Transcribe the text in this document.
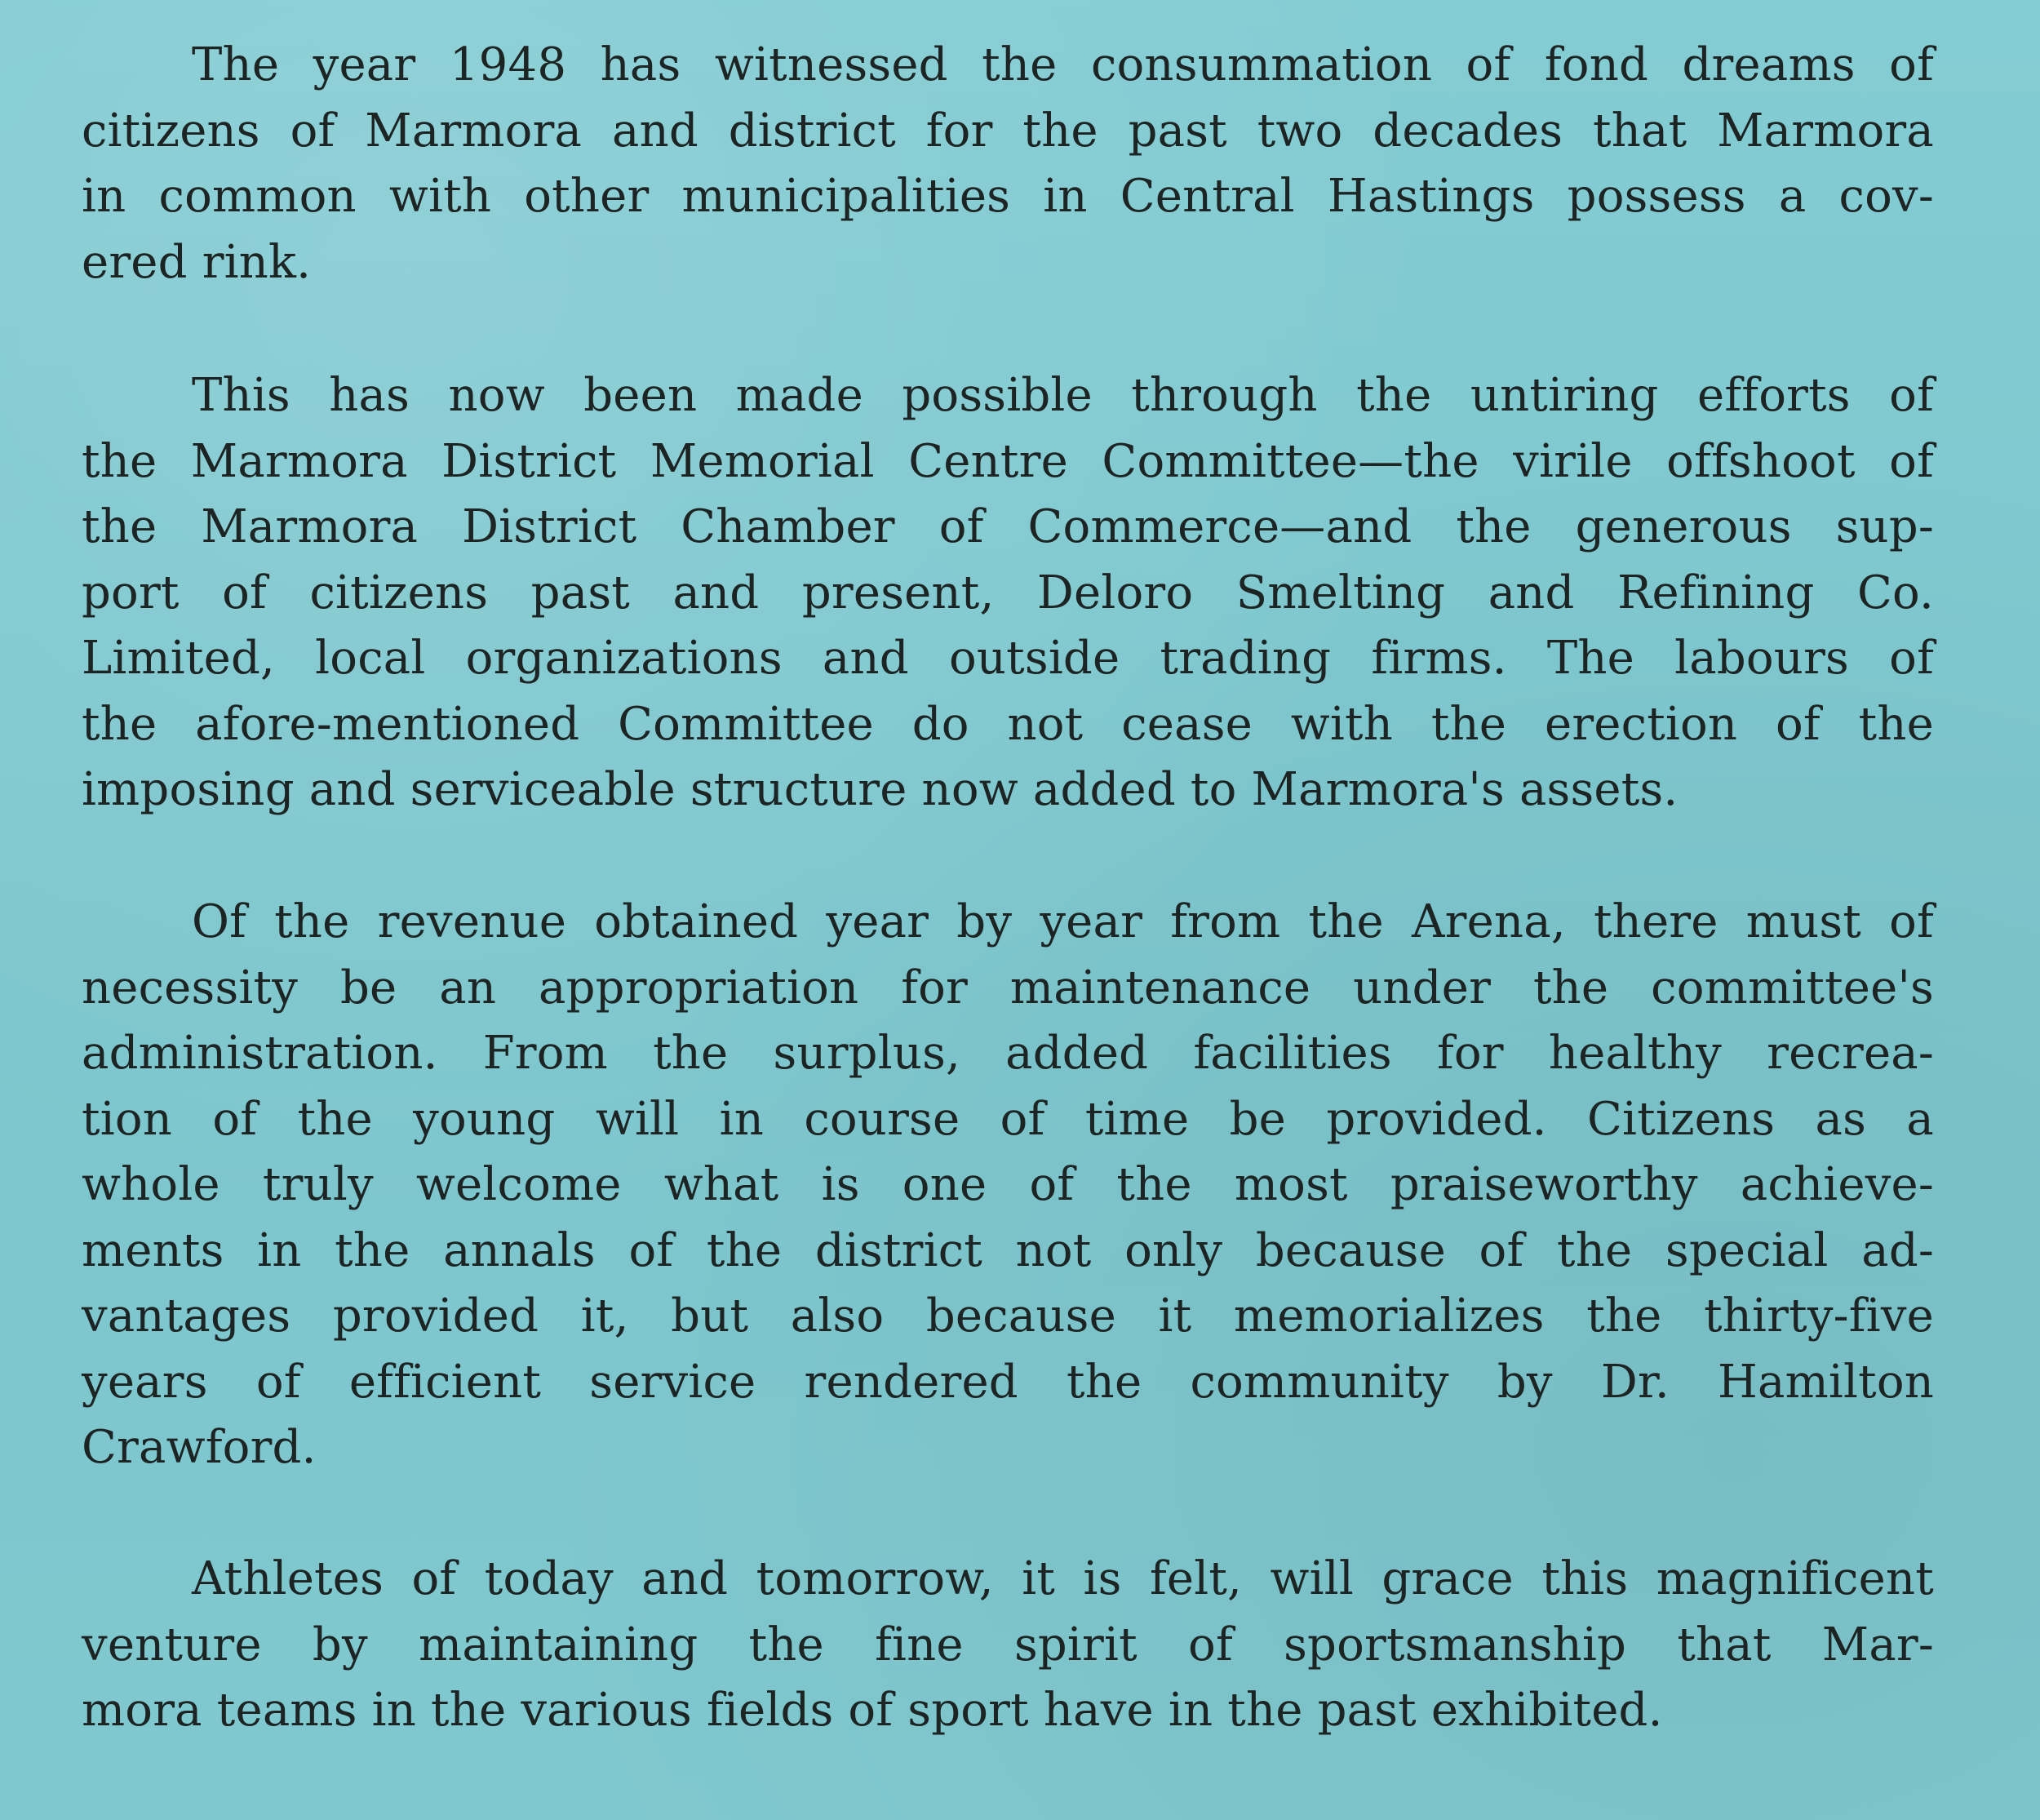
The year 1948 has witnessed the consummation of fond dreams of
citizens of Marmora and district for the past two decades that Marmora
in common with other municipalities in Central Hastings possess a cov-
ered rink.

This has now been made possible through the untiring efforts of
the Marmora District Memorial Centre Committee—the virile offshoot of
the Marmora District Chamber of Commerce—and the generous sup-
port of citizens past and present, Deloro Smelting and Refining Co.
Limited, local organizations and outside trading firms. The labours of
the afore-mentioned Committee do not cease with the erection of the
imposing and serviceable structure now added to Marmora's assets.

Of the revenue obtained year by year from the Arena, there must of
necessity be an appropriation for maintenance under the committee's
administration. From the surplus, added facilities for healthy recrea-
tion of the young will in course of time be provided. Citizens as a
whole truly welcome what is one of the most praiseworthy achieve-
ments in the annals of the district not only because of the special ad-
vantages provided it, but also because it memorializes the thirty-five
years of efficient service rendered the community by Dr. Hamilton
Crawford.

Athletes of today and tomorrow, it is felt, will grace this magnificent
venture by maintaining the fine spirit of sportsmanship that Mar-
mora teams in the various fields of sport have in the past exhibited.
